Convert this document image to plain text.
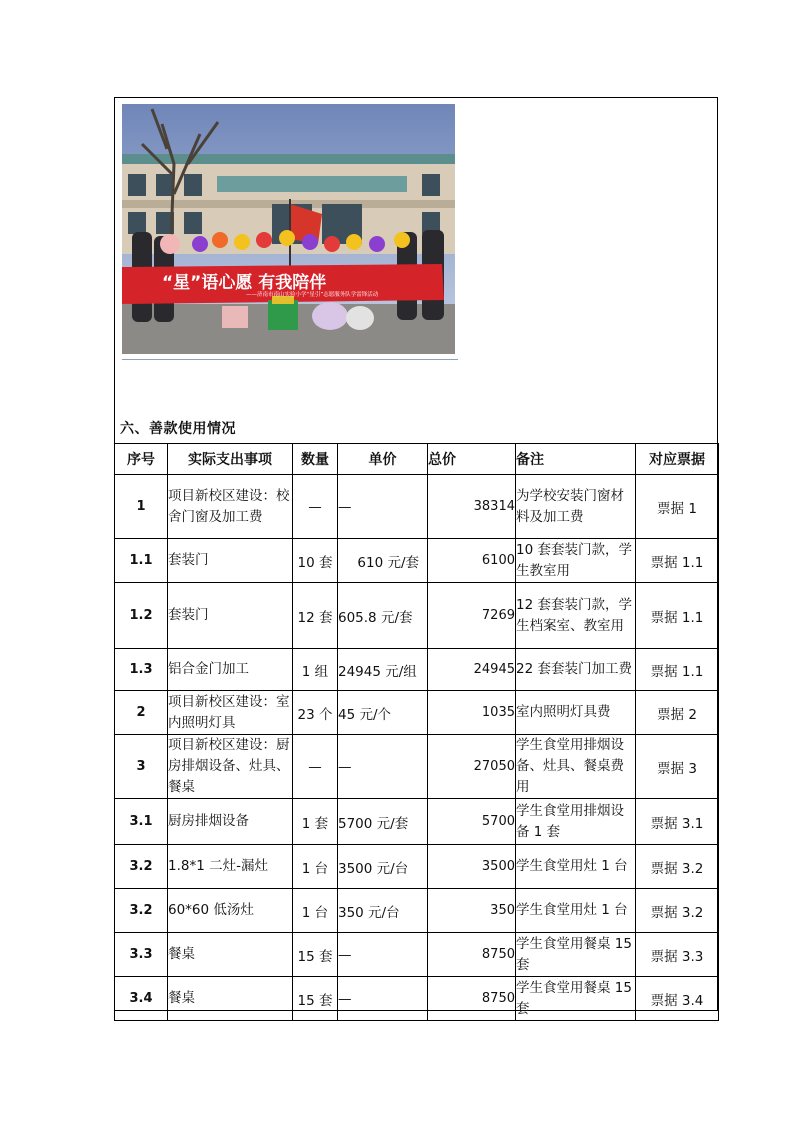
“星”语心愿 有我陪伴
——济南市南山实验小学“星引”志愿服务队学雷锋活动
六、善款使用情况
序号	实际支出事项	数量	单价	总价	备注	对应票据
1	项目新校区建设：校舍门窗及加工费	—	—	38314	为学校安装门窗材料及加工费	票据 1
1.1	套装门	10 套	610 元/套	6100	10 套套装门款，学生教室用	票据 1.1
1.2	套装门	12 套	605.8 元/套	7269	12 套套装门款，学生档案室、教室用	票据 1.1
1.3	铝合金门加工	1 组	24945 元/组	24945	22 套套装门加工费	票据 1.1
2	项目新校区建设：室内照明灯具	23 个	45 元/个	1035	室内照明灯具费	票据 2
3	项目新校区建设：厨房排烟设备、灶具、餐桌	—	—	27050	学生食堂用排烟设备、灶具、餐桌费用	票据 3
3.1	厨房排烟设备	1 套	5700 元/套	5700	学生食堂用排烟设备 1 套	票据 3.1
3.2	1.8*1 二灶-漏灶	1 台	3500 元/台	3500	学生食堂用灶 1 台	票据 3.2
3.2	60*60 低汤灶	1 台	350 元/台	350	学生食堂用灶 1 台	票据 3.2
3.3	餐桌	15 套	—	8750	学生食堂用餐桌 15 套	票据 3.3
3.4	餐桌	15 套	—	8750	学生食堂用餐桌 15 套	票据 3.4
